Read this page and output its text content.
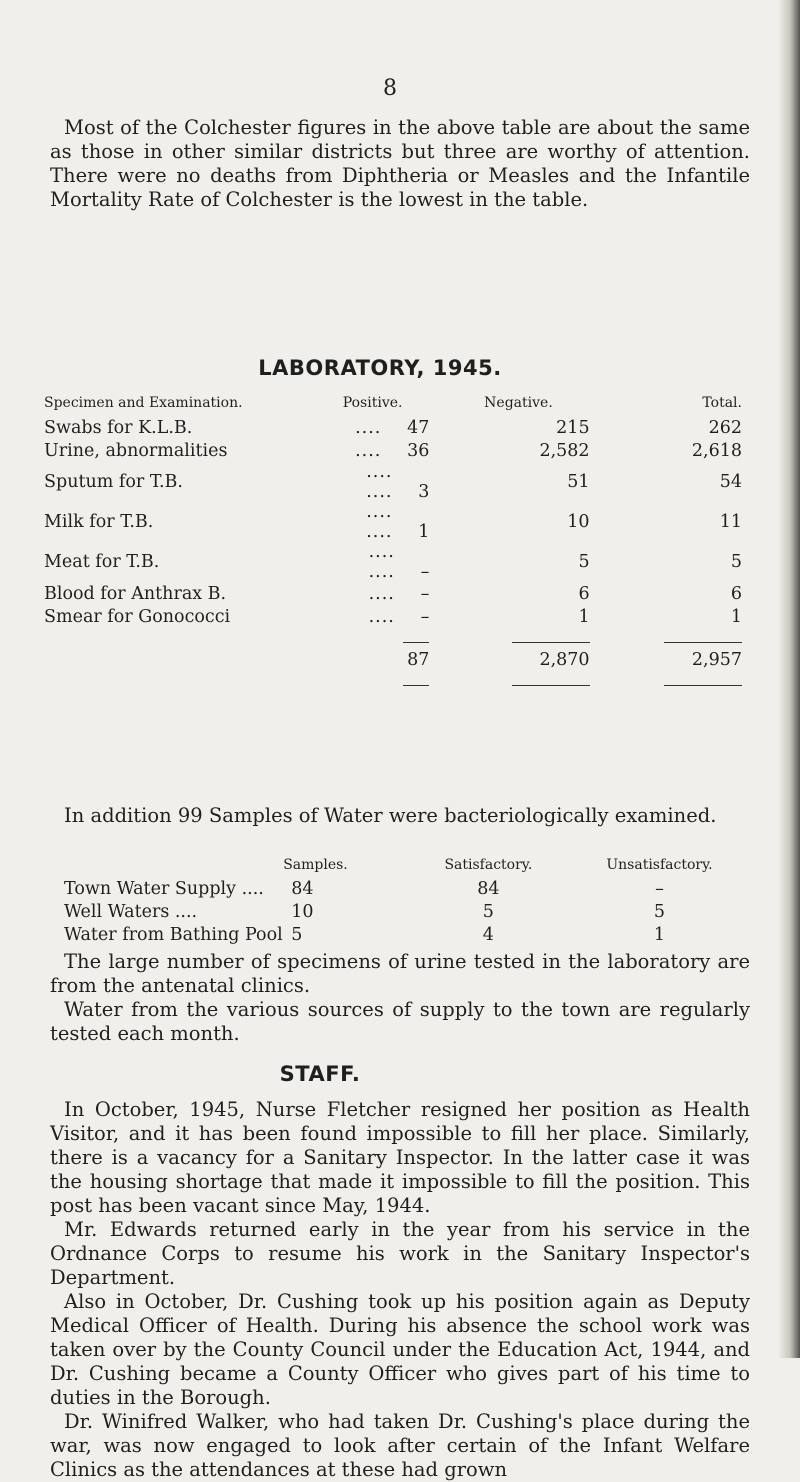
8

Most of the Colchester figures in the above table are about the same as those in other similar districts but three are worthy of attention. There were no deaths from Diphtheria or Measles and the Infantile Mortality Rate of Colchester is the lowest in the table.

LABORATORY, 1945.
Specimen and Examination.	Positive.	Negative.	Total.
Swabs for K.L.B.	.... 47	215	262
Urine, abnormalities	.... 36	2,582	2,618
Sputum for T.B.	.... .... 3	51	54
Milk for T.B.	.... .... 1	10	11
Meat for T.B.	.... .... –	5	5
Blood for Anthrax B.	.... –	6	6
Smear for Gonococci	.... –	1	1

	87	2,870	2,957

In addition 99 Samples of Water were bacteriologically examined.

	Samples.	Satisfactory.	Unsatisfactory.
Town Water Supply ....	84	84	–
Well Waters ....	10	5	5
Water from Bathing Pool	5	4	1

The large number of specimens of urine tested in the laboratory are from the antenatal clinics.

Water from the various sources of supply to the town are regularly tested each month.

STAFF.

In October, 1945, Nurse Fletcher resigned her position as Health Visitor, and it has been found impossible to fill her place. Similarly, there is a vacancy for a Sanitary Inspector. In the latter case it was the housing shortage that made it impossible to fill the position. This post has been vacant since May, 1944.

Mr. Edwards returned early in the year from his service in the Ordnance Corps to resume his work in the Sanitary Inspector's Department.

Also in October, Dr. Cushing took up his position again as Deputy Medical Officer of Health. During his absence the school work was taken over by the County Council under the Education Act, 1944, and Dr. Cushing became a County Officer who gives part of his time to duties in the Borough.
Dr. Winifred Walker, who had taken Dr. Cushing's place during the war, was now engaged to look after certain of the Infant Welfare Clinics as the attendances at these had grown
